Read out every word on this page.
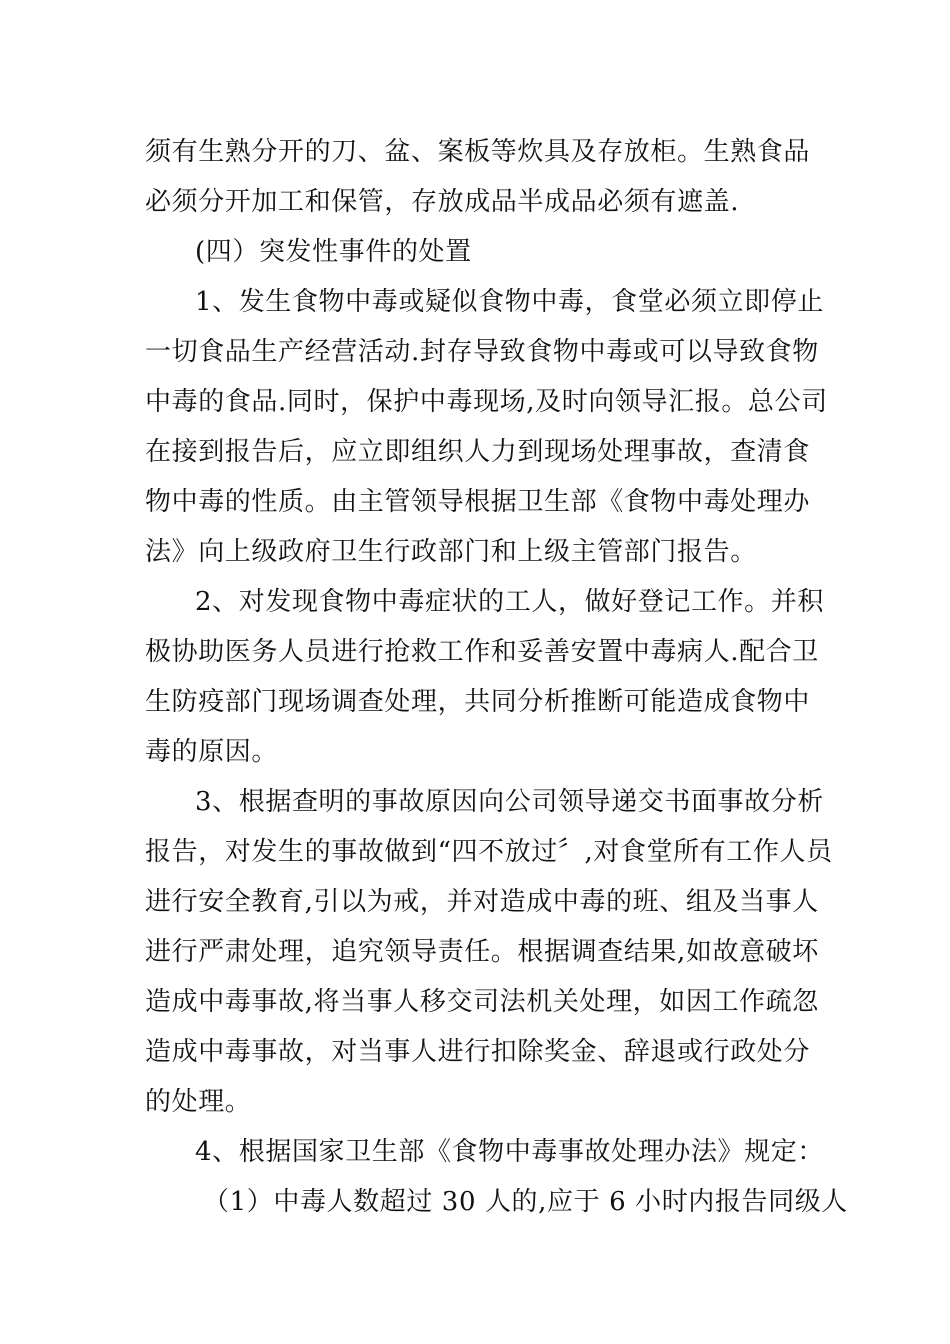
须有生熟分开的刀、盆、案板等炊具及存放柜。生熟食品
必须分开加工和保管，存放成品半成品必须有遮盖.
(四）突发性事件的处置
1、发生食物中毒或疑似食物中毒，食堂必须立即停止
一切食品生产经营活动.封存导致食物中毒或可以导致食物
中毒的食品.同时，保护中毒现场,及时向领导汇报。总公司
在接到报告后，应立即组织人力到现场处理事故，查清食
物中毒的性质。由主管领导根据卫生部《食物中毒处理办
法》向上级政府卫生行政部门和上级主管部门报告。
2、对发现食物中毒症状的工人，做好登记工作。并积
极协助医务人员进行抢救工作和妥善安置中毒病人.配合卫
生防疫部门现场调查处理，共同分析推断可能造成食物中
毒的原因。
3、根据查明的事故原因向公司领导递交书面事故分析
报告，对发生的事故做到“四不放过〞,对食堂所有工作人员
进行安全教育,引以为戒，并对造成中毒的班、组及当事人
进行严肃处理，追究领导责任。根据调查结果,如故意破坏
造成中毒事故,将当事人移交司法机关处理，如因工作疏忽
造成中毒事故，对当事人进行扣除奖金、辞退或行政处分
的处理。
4、根据国家卫生部《食物中毒事故处理办法》规定：
（1）中毒人数超过 30 人的,应于 6 小时内报告同级人
